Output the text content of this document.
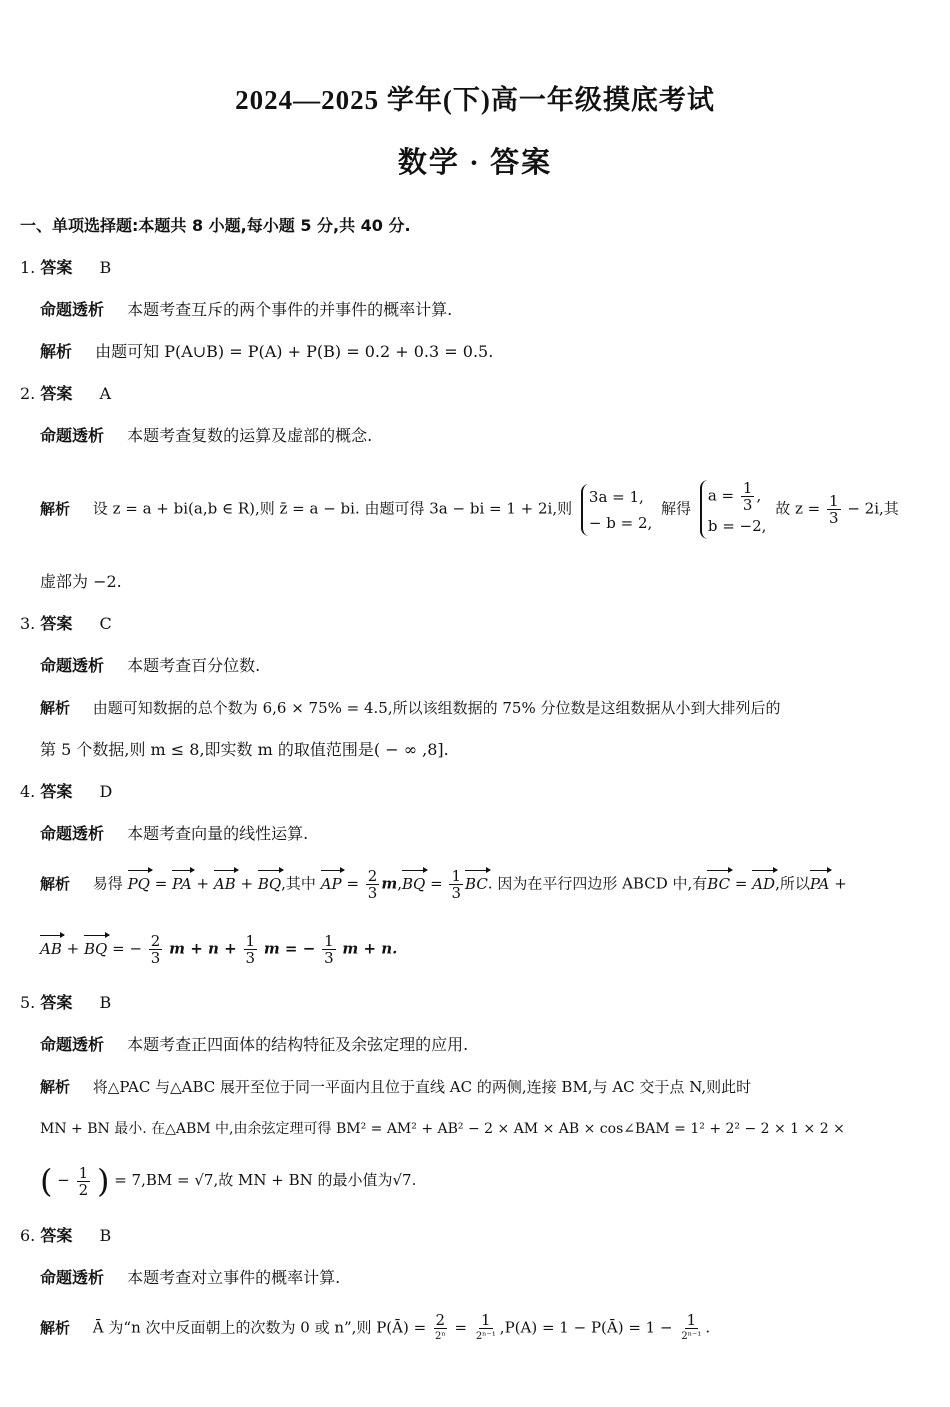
2024—2025 学年(下)高一年级摸底考试
数学 · 答案
一、单项选择题:本题共 8 小题,每小题 5 分,共 40 分.
1. 答案 B
命题透析 本题考查互斥的两个事件的并事件的概率计算.
解析 由题可知 P(A∪B) = P(A) + P(B) = 0.2 + 0.3 = 0.5.
2. 答案 A
命题透析 本题考查复数的运算及虚部的概念.
解析 设 z = a + bi(a,b ∈ R),则 z̄ = a − bi. 由题可得 3a − bi = 1 + 2i,则
3a = 1,
− b = 2,
解得
$a = \frac{1}{3}$ ,
b = −2,
故 $z = \frac{1}{3} - 2i$,其
虚部为 −2.
3. 答案 C
命题透析 本题考查百分位数.
解析 由题可知数据的总个数为 6,6 × 75% = 4.5,所以该组数据的 75% 分位数是这组数据从小到大排列后的
第 5 个数据,则 m ≤ 8,即实数 m 的取值范围是( − ∞ ,8].
4. 答案 D
命题透析 本题考查向量的线性运算.
解析 易得 PQ = PA + AB + BQ,其中 AP = $\frac{2}{3} m,BQ = \frac{1}{3}$ BC. 因为在平行四边形 ABCD 中,有BC = AD,所以PA +
AB + BQ = − $\frac{2}{3}$ $m + n + \frac{1}{3}$ m = − $\frac{1}{3}$ m + n.
5. 答案 B
命题透析 本题考查正四面体的结构特征及余弦定理的应用.
解析 将△PAC 与△ABC 展开至位于同一平面内且位于直线 AC 的两侧,连接 BM,与 AC 交于点 N,则此时
MN + BN 最小. 在△ABM 中,由余弦定理可得 BM² = AM² + AB² − 2 × AM × AB × cos∠BAM = 1² + 2² − 2 × 1 × 2 ×
( − $\frac{1}{2}$ ) = 7,BM = √7,故 MN + BN 的最小值为√7.
6. 答案 B
命题透析 本题考查对立事件的概率计算.
解析 Ā 为“n 次中反面朝上的次数为 0 或 n”,则 P(Ā) = $\frac{2}{\text{2ⁿ}} = \frac{1}{\text{2ⁿ⁻¹}} ,P(A) = 1$ − P(Ā) = $1 - \frac{1}{\text{2ⁿ⁻¹}}$ .
